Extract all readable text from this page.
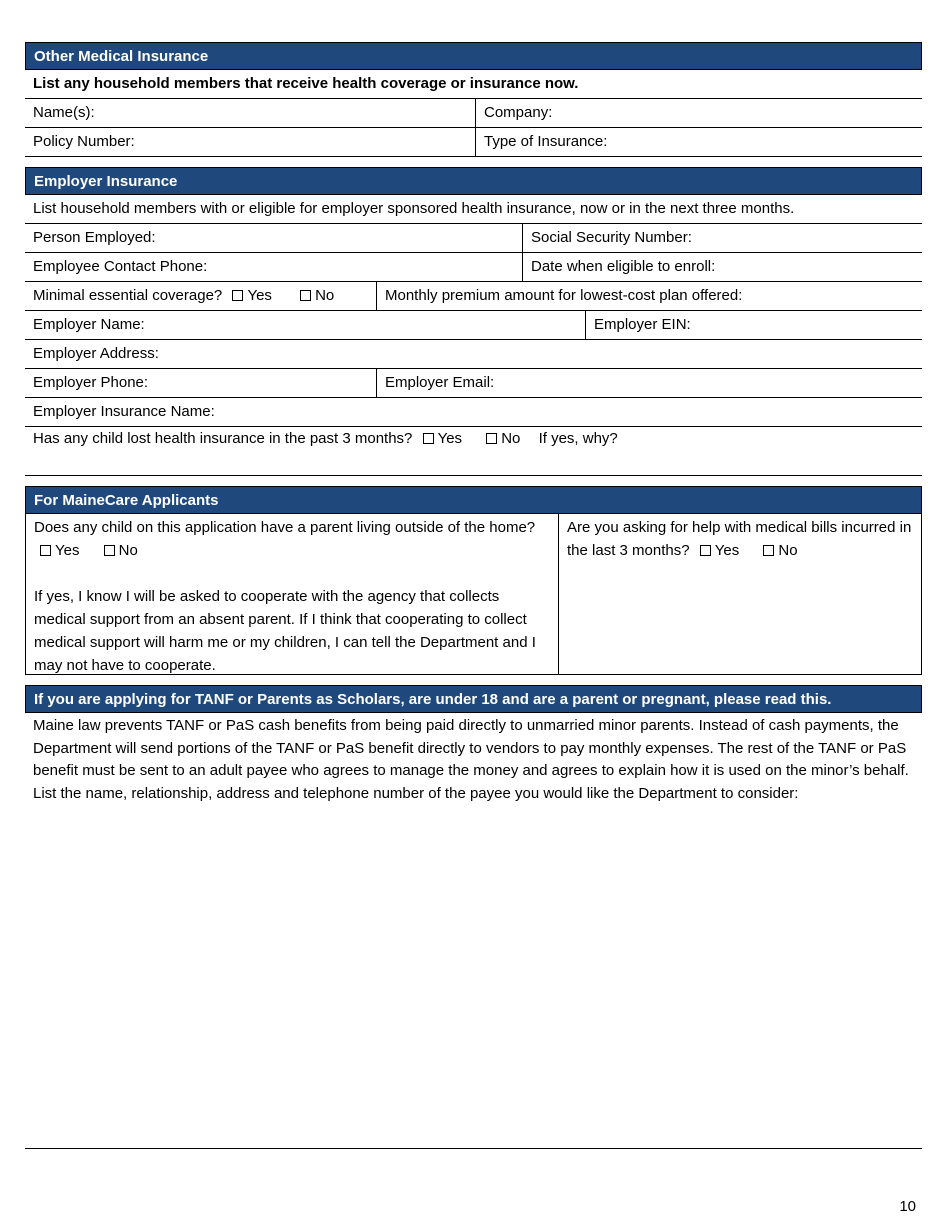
Other Medical Insurance
List any household members that receive health coverage or insurance now.
Name(s):	Company:
Policy Number:	Type of Insurance:
Employer Insurance
List household members with or eligible for employer sponsored health insurance, now or in the next three months.
Person Employed:	Social Security Number:
Employee Contact Phone:	Date when eligible to enroll:
Minimal essential coverage? Yes	No	Monthly premium amount for lowest-cost plan offered:
Employer Name:	Employer EIN:
Employer Address:
Employer Phone:	Employer Email:
Employer Insurance Name:
Has any child lost health insurance in the past 3 months? Yes	No If yes, why?
For MaineCare Applicants
Does any child on this application have a parent living outside of the home? Yes	No
If yes, I know I will be asked to cooperate with the agency that collects medical support from an absent parent. If I think that cooperating to collect medical support will harm me or my children, I can tell the Department and I may not have to cooperate.
Are you asking for help with medical bills incurred in the last 3 months? Yes	No
If you are applying for TANF or Parents as Scholars, are under 18 and are a parent or pregnant, please read this.
Maine law prevents TANF or PaS cash benefits from being paid directly to unmarried minor parents. Instead of cash payments, the Department will send portions of the TANF or PaS benefit directly to vendors to pay monthly expenses. The rest of the TANF or PaS benefit must be sent to an adult payee who agrees to manage the money and agrees to explain how it is used on the minor’s behalf. List the name, relationship, address and telephone number of the payee you would like the Department to consider:
10
